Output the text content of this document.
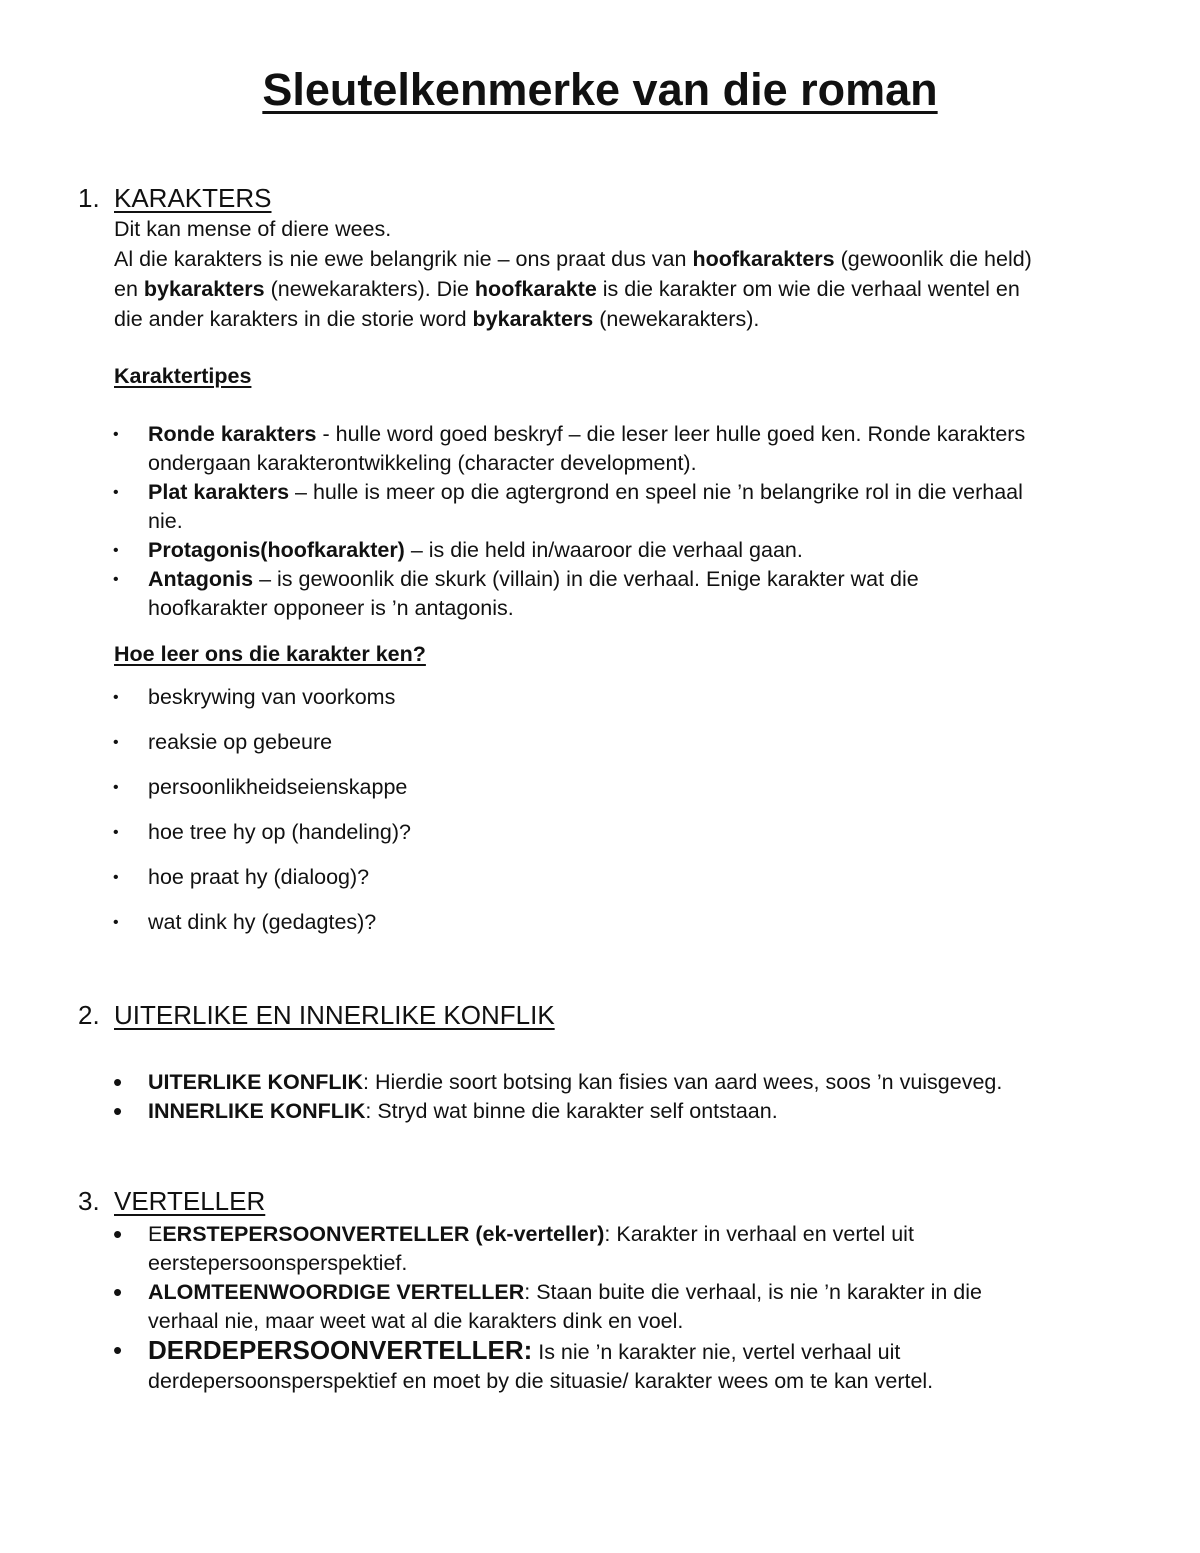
Sleutelkenmerke van die roman
1. KARAKTERS
Dit kan mense of diere wees.
Al die karakters is nie ewe belangrik nie – ons praat dus van hoofkarakters (gewoonlik die held) en bykarakters (newekarakters). Die hoofkarakte is die karakter om wie die verhaal wentel en die ander karakters in die storie word bykarakters (newekarakters).
Karaktertipes
•	Ronde karakters - hulle word goed beskryf – die leser leer hulle goed ken. Ronde karakters ondergaan karakterontwikkeling (character development).
•	Plat karakters – hulle is meer op die agtergrond en speel nie ’n belangrike rol in die verhaal nie.
•	Protagonis(hoofkarakter) – is die held in/waaroor die verhaal gaan.
•	Antagonis – is gewoonlik die skurk (villain) in die verhaal. Enige karakter wat die hoofkarakter opponeer is ’n antagonis.
Hoe leer ons die karakter ken?
•	beskrywing van voorkoms
•	reaksie op gebeure
•	persoonlikheidseienskappe
•	hoe tree hy op (handeling)?
•	hoe praat hy (dialoog)?
•	wat dink hy (gedagtes)?
2. UITERLIKE EN INNERLIKE KONFLIK
•	UITERLIKE KONFLIK: Hierdie soort botsing kan fisies van aard wees, soos ’n vuisgeveg.
•	INNERLIKE KONFLIK: Stryd wat binne die karakter self ontstaan.
3. VERTELLER
•	EERSTEPERSOONVERTELLER (ek-verteller): Karakter in verhaal en vertel uit eerstepersoonsperspektief.
•	ALOMTEENWOORDIGE VERTELLER: Staan buite die verhaal, is nie ’n karakter in die verhaal nie, maar weet wat al die karakters dink en voel.
• DERDEPERSOONVERTELLER: Is nie ’n karakter nie, vertel verhaal uit derdepersoonsperspektief en moet by die situasie/ karakter wees om te kan vertel.
